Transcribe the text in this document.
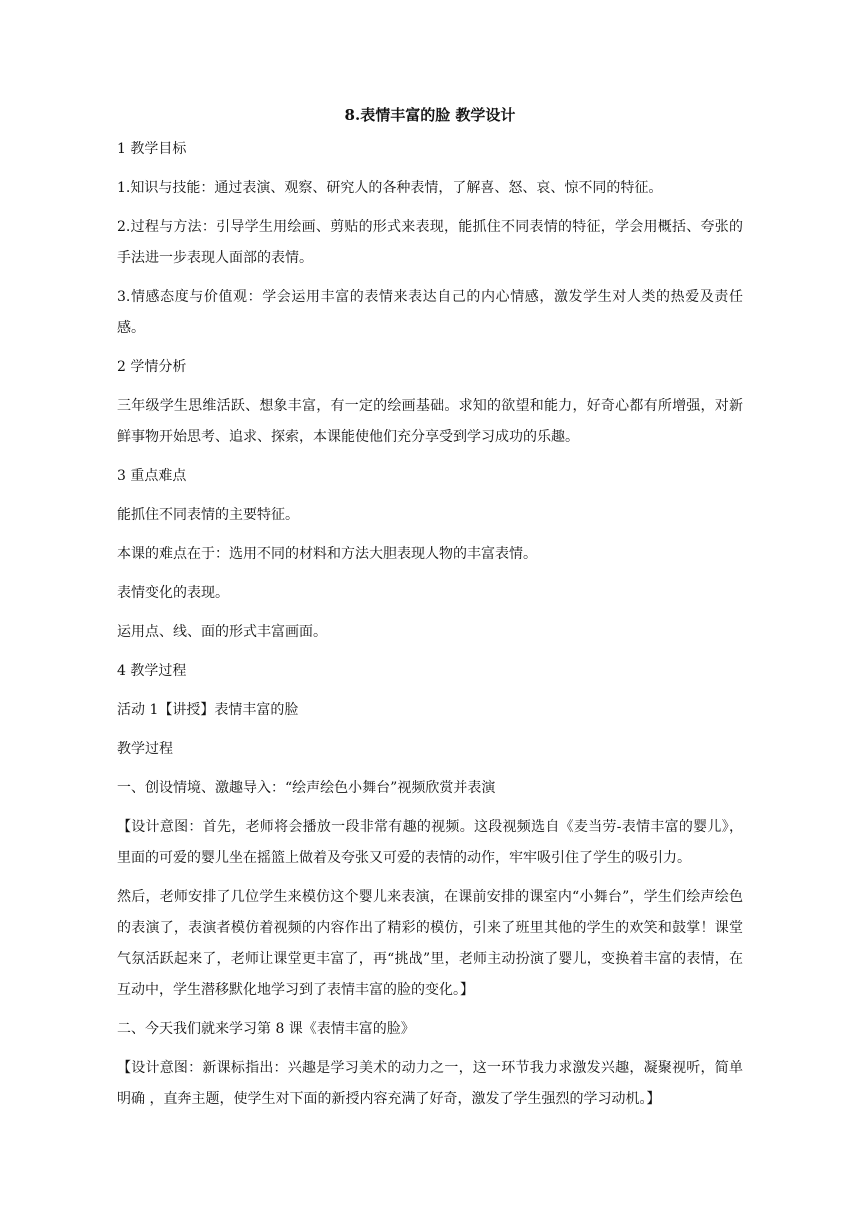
8.表情丰富的脸 教学设计
1 教学目标
1.知识与技能：通过表演、观察、研究人的各种表情，了解喜、怒、哀、惊不同的特征。
2.过程与方法：引导学生用绘画、剪贴的形式来表现，能抓住不同表情的特征，学会用概括、夸张的手法进一步表现人面部的表情。
3.情感态度与价值观：学会运用丰富的表情来表达自己的内心情感，激发学生对人类的热爱及责任感。
2 学情分析
三年级学生思维活跃、想象丰富，有一定的绘画基础。求知的欲望和能力，好奇心都有所增强，对新鲜事物开始思考、追求、探索，本课能使他们充分享受到学习成功的乐趣。
3 重点难点
能抓住不同表情的主要特征。
本课的难点在于：选用不同的材料和方法大胆表现人物的丰富表情。
表情变化的表现。
运用点、线、面的形式丰富画面。
4 教学过程
活动 1【讲授】表情丰富的脸
教学过程
一、创设情境、激趣导入：“绘声绘色小舞台”视频欣赏并表演
【设计意图：首先，老师将会播放一段非常有趣的视频。这段视频选自《麦当劳-表情丰富的婴儿》，里面的可爱的婴儿坐在摇篮上做着及夸张又可爱的表情的动作，牢牢吸引住了学生的吸引力。
然后，老师安排了几位学生来模仿这个婴儿来表演，在课前安排的课室内“小舞台”，学生们绘声绘色的表演了，表演者模仿着视频的内容作出了精彩的模仿，引来了班里其他的学生的欢笑和鼓掌！课堂气氛活跃起来了，老师让课堂更丰富了，再“挑战”里，老师主动扮演了婴儿，变换着丰富的表情，在互动中，学生潜移默化地学习到了表情丰富的脸的变化。】
二、今天我们就来学习第 8 课《表情丰富的脸》
【设计意图：新课标指出：兴趣是学习美术的动力之一，这一环节我力求激发兴趣，凝聚视听，简单明确 ，直奔主题，使学生对下面的新授内容充满了好奇，激发了学生强烈的学习动机。】
